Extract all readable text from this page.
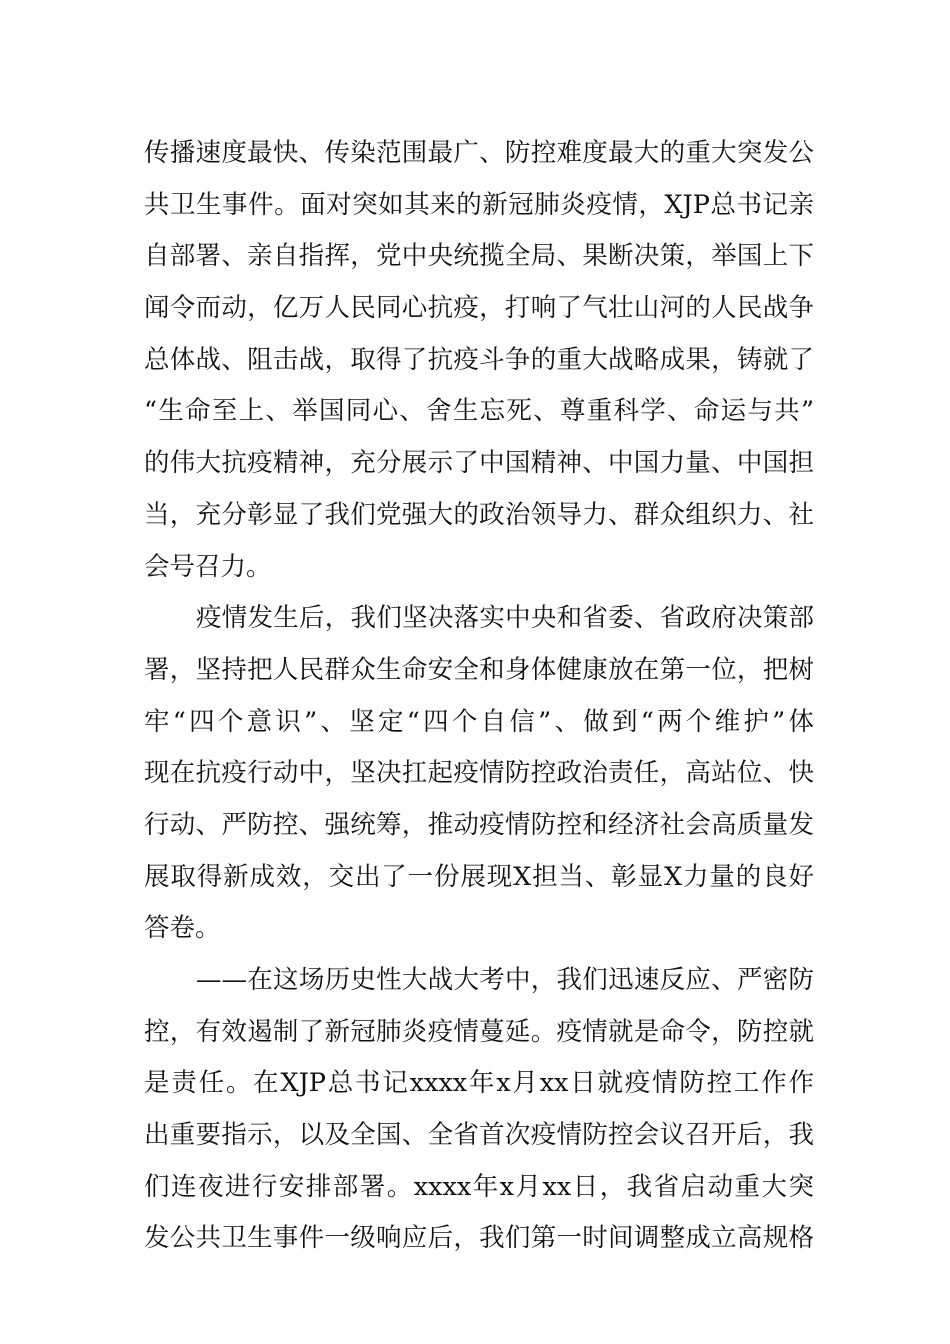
传播速度最快、传染范围最广、防控难度最大的重大突发公
共卫生事件。面对突如其来的新冠肺炎疫情，XJP总书记亲
自部署、亲自指挥，党中央统揽全局、果断决策，举国上下
闻令而动，亿万人民同心抗疫，打响了气壮山河的人民战争
总体战、阻击战，取得了抗疫斗争的重大战略成果，铸就了
“生命至上、举国同心、舍生忘死、尊重科学、命运与共”
的伟大抗疫精神，充分展示了中国精神、中国力量、中国担
当，充分彰显了我们党强大的政治领导力、群众组织力、社
会号召力。
疫情发生后，我们坚决落实中央和省委、省政府决策部
署，坚持把人民群众生命安全和身体健康放在第一位，把树
牢“四个意识”、坚定“四个自信”、做到“两个维护”体
现在抗疫行动中，坚决扛起疫情防控政治责任，高站位、快
行动、严防控、强统筹，推动疫情防控和经济社会高质量发
展取得新成效，交出了一份展现X担当、彰显X力量的良好
答卷。
——在这场历史性大战大考中，我们迅速反应、严密防
控，有效遏制了新冠肺炎疫情蔓延。疫情就是命令，防控就
是责任。在XJP总书记xxxx年x月xx日就疫情防控工作作
出重要指示，以及全国、全省首次疫情防控会议召开后，我
们连夜进行安排部署。xxxx年x月xx日，我省启动重大突
发公共卫生事件一级响应后，我们第一时间调整成立高规格
